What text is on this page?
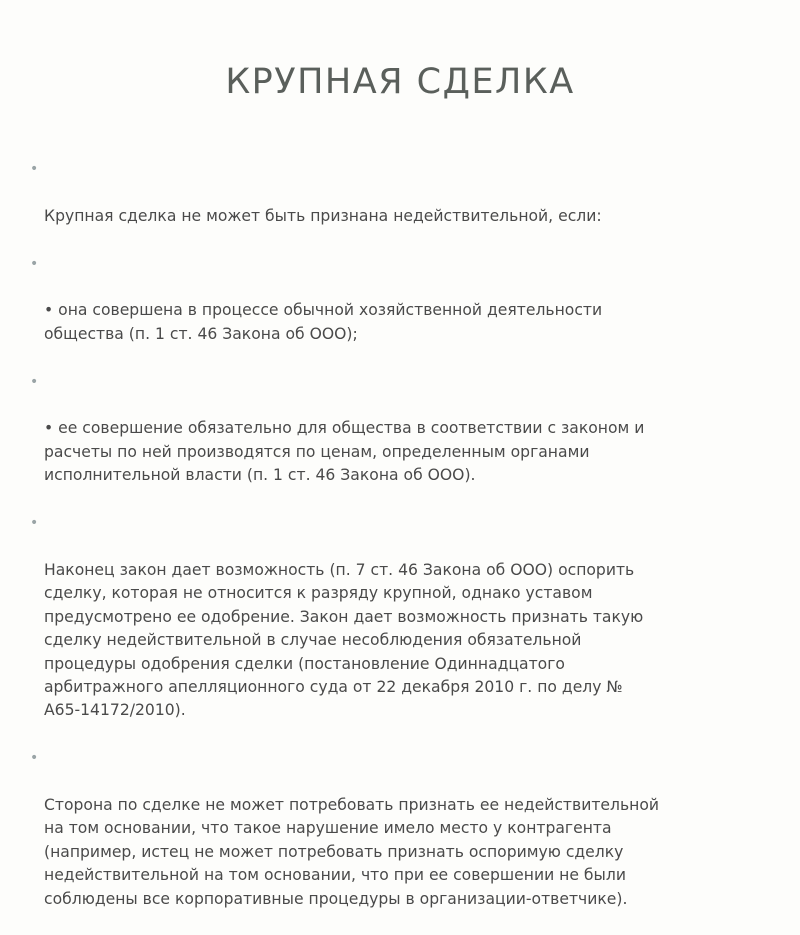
КРУПНАЯ СДЕЛКА

•

Крупная сделка не может быть признана недействительной, если:

•

• она совершена в процессе обычной хозяйственной деятельности
общества (п. 1 ст. 46 Закона об ООО);

•

• ее совершение обязательно для общества в соответствии с законом и
расчеты по ней производятся по ценам, определенным органами
исполнительной власти (п. 1 ст. 46 Закона об ООО).

•

Наконец закон дает возможность (п. 7 ст. 46 Закона об ООО) оспорить
сделку, которая не относится к разряду крупной, однако уставом
предусмотрено ее одобрение. Закон дает возможность признать такую
сделку недействительной в случае несоблюдения обязательной
процедуры одобрения сделки (постановление Одиннадцатого
арбитражного апелляционного суда от 22 декабря 2010 г. по делу №
А65-14172/2010).

•

Сторона по сделке не может потребовать признать ее недействительной
на том основании, что такое нарушение имело место у контрагента
(например, истец не может потребовать признать оспоримую сделку
недействительной на том основании, что при ее совершении не были
соблюдены все корпоративные процедуры в организации-ответчике).
